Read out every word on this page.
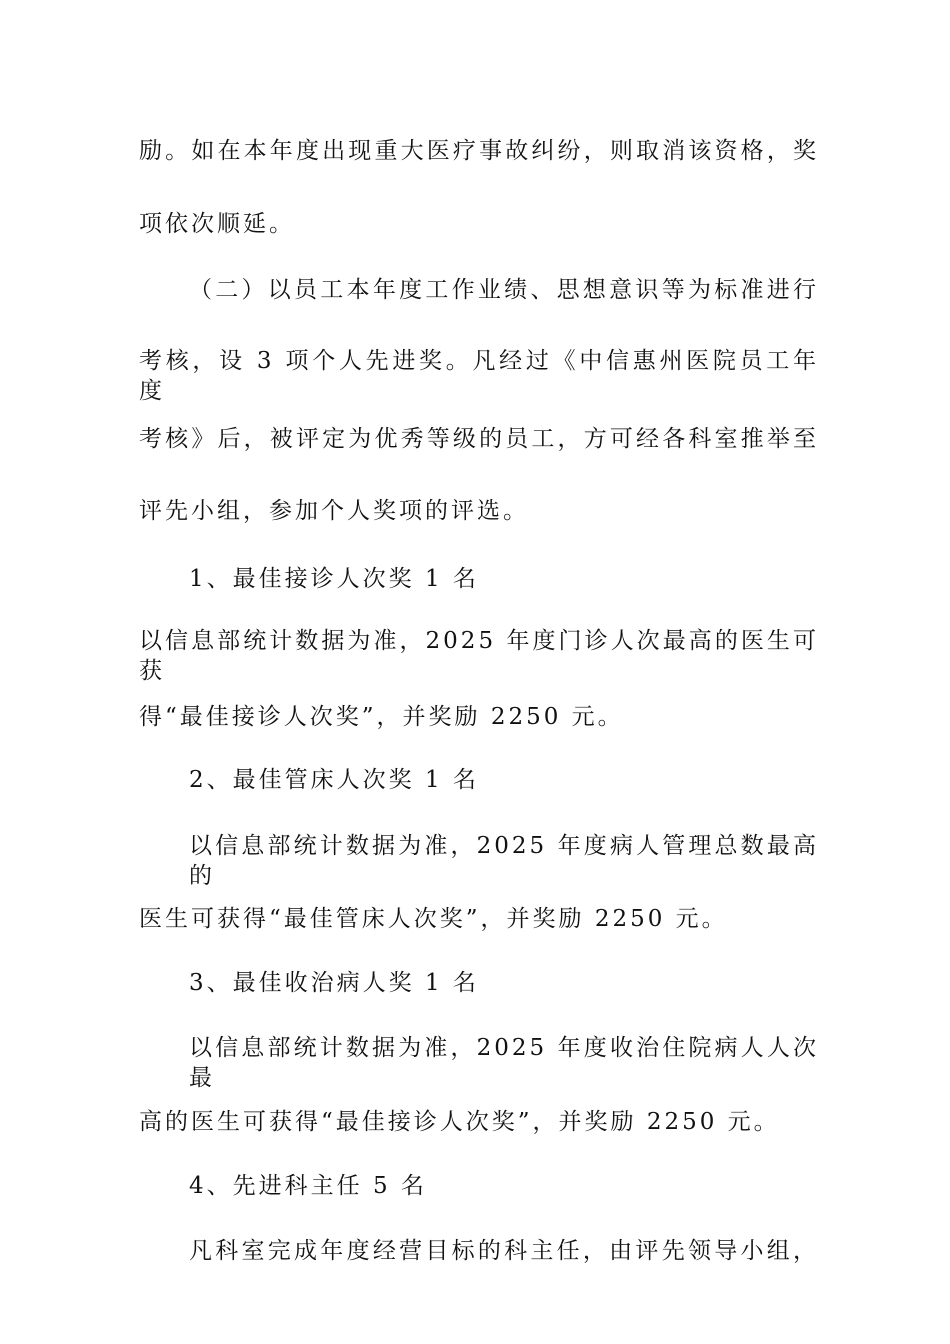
励。如在本年度出现重大医疗事故纠纷，则取消该资格，奖
项依次顺延。
（二）以员工本年度工作业绩、思想意识等为标准进行
考核，设 3 项个人先进奖。凡经过《中信惠州医院员工年度
考核》后，被评定为优秀等级的员工，方可经各科室推举至
评先小组，参加个人奖项的评选。
1、最佳接诊人次奖 1 名
以信息部统计数据为准，2025 年度门诊人次最高的医生可获
得“最佳接诊人次奖”，并奖励 2250 元。
2、最佳管床人次奖 1 名
以信息部统计数据为准，2025 年度病人管理总数最高的
医生可获得“最佳管床人次奖”，并奖励 2250 元。
3、最佳收治病人奖 1 名
以信息部统计数据为准，2025 年度收治住院病人人次最
高的医生可获得“最佳接诊人次奖”，并奖励 2250 元。
4、先进科主任 5 名
凡科室完成年度经营目标的科主任，由评先领导小组，
